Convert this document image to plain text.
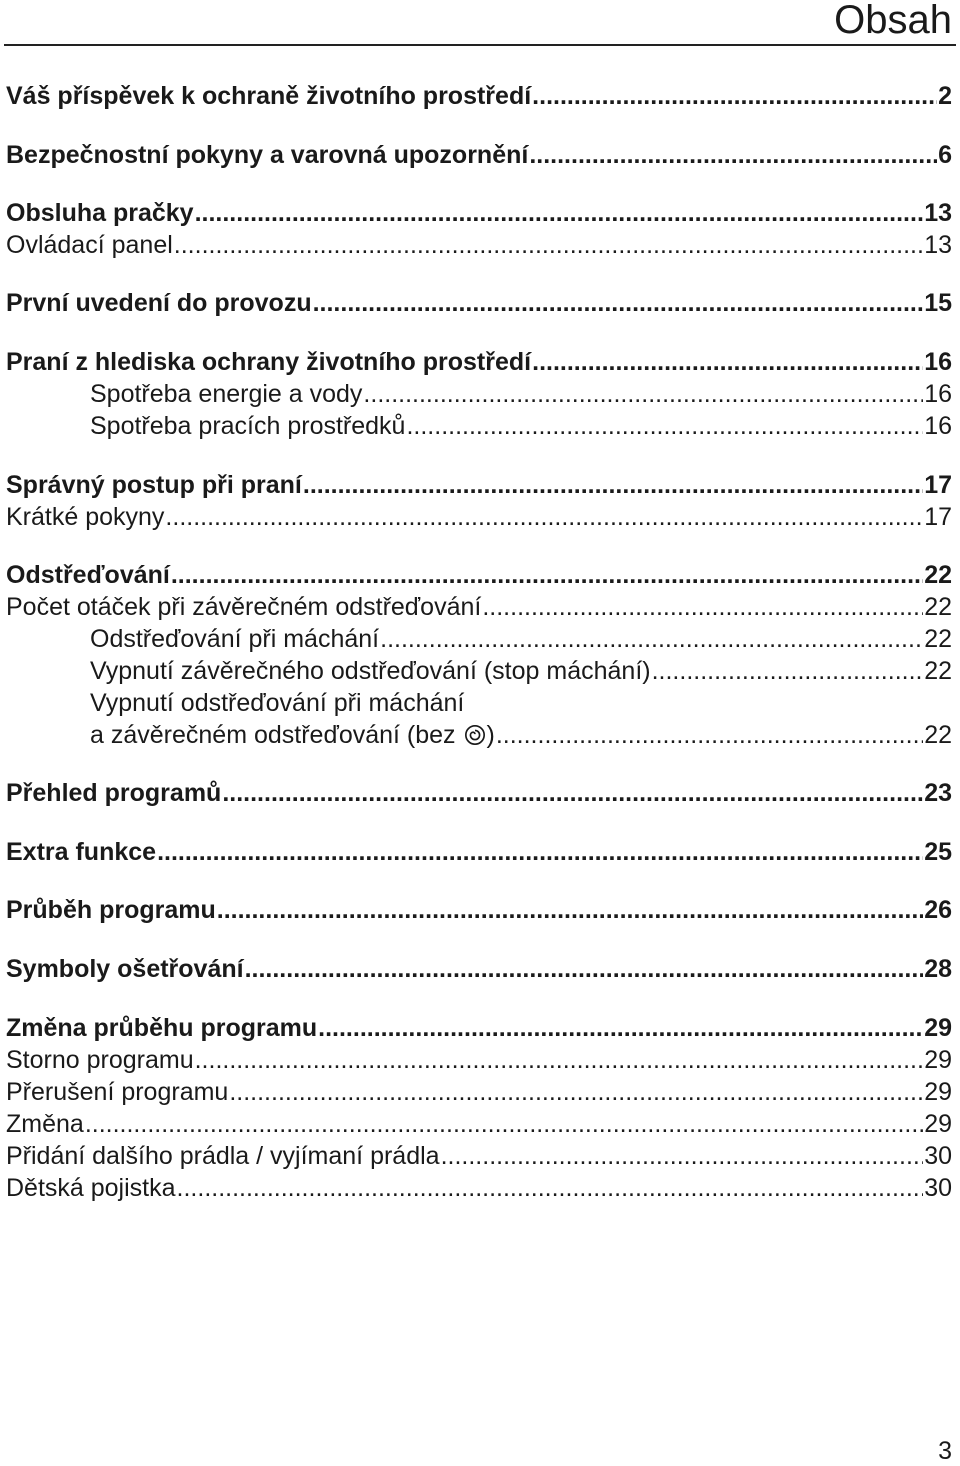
Obsah
Váš příspěvek k ochraně životního prostředí .....	2
Bezpečnostní pokyny a varovná upozornění .....	6
Obsluha pračky .....	13
Ovládací panel .....	13
První uvedení do provozu .....	15
Praní z hlediska ochrany životního prostředí .....	16
Spotřeba energie a vody .....	16
Spotřeba pracích prostředků .....	16
Správný postup při praní .....	17
Krátké pokyny .....	17
Odstřeďování .....	22
Počet otáček při závěrečném odstřeďování .....	22
Odstřeďování při máchání .....	22
Vypnutí závěrečného odstřeďování (stop máchání) .....	22
Vypnutí odstřeďování při máchání
a závěrečném odstřeďování (bez ) .....	22
Přehled programů .....	23
Extra funkce .....	25
Průběh programu .....	26
Symboly ošetřování .....	28
Změna průběhu programu .....	29
Storno programu .....	29
Přerušení programu .....	29
Změna .....	29
Přidání dalšího prádla / vyjímaní prádla .....	30
Dětská pojistka .....	30
3
